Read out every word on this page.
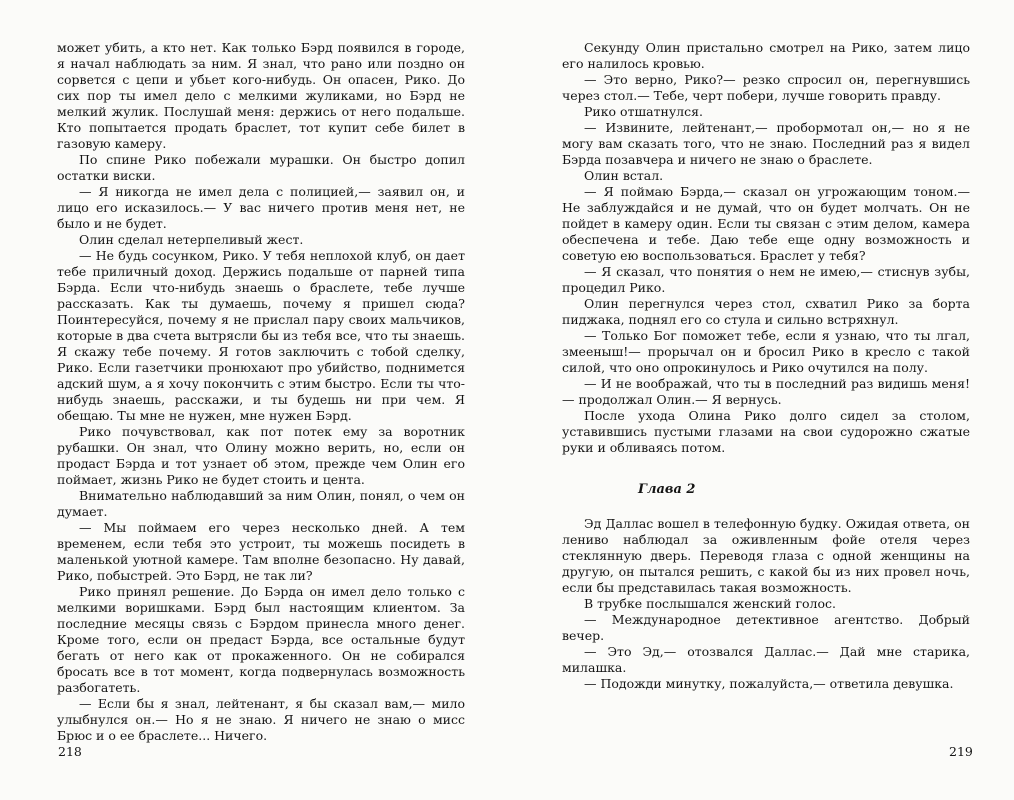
может убить, а кто нет. Как только Бэрд появился в городе, я начал наблюдать за ним. Я знал, что рано или поздно он сорвется с цепи и убьет кого-нибудь. Он опасен, Рико. До сих пор ты имел дело с мелкими жуликами, но Бэрд не мелкий жулик. Послушай меня: держись от него подальше. Кто попытается продать браслет, тот купит себе билет в газовую камеру.

По спине Рико побежали мурашки. Он быстро допил остатки виски.

— Я никогда не имел дела с полицией,— заявил он, и лицо его исказилось.— У вас ничего против меня нет, не было и не будет.

Олин сделал нетерпеливый жест.

— Не будь сосунком, Рико. У тебя неплохой клуб, он дает тебе приличный доход. Держись подальше от парней типа Бэрда. Если что-нибудь знаешь о браслете, тебе лучше рассказать. Как ты думаешь, почему я пришел сюда? Поинтересуйся, почему я не прислал пару своих мальчиков, которые в два счета вытрясли бы из тебя все, что ты знаешь. Я скажу тебе почему. Я готов заключить с тобой сделку, Рико. Если газетчики пронюхают про убийство, поднимется адский шум, а я хочу покончить с этим быстро. Если ты что-нибудь знаешь, расскажи, и ты будешь ни при чем. Я обещаю. Ты мне не нужен, мне нужен Бэрд.

Рико почувствовал, как пот потек ему за воротник рубашки. Он знал, что Олину можно верить, но, если он продаст Бэрда и тот узнает об этом, прежде чем Олин его поймает, жизнь Рико не будет стоить и цента.

Внимательно наблюдавший за ним Олин, понял, о чем он думает.

— Мы поймаем его через несколько дней. А тем временем, если тебя это устроит, ты можешь посидеть в маленькой уютной камере. Там вполне безопасно. Ну давай, Рико, побыстрей. Это Бэрд, не так ли?

Рико принял решение. До Бэрда он имел дело только с мелкими воришками. Бэрд был настоящим клиентом. За последние месяцы связь с Бэрдом принесла много денег. Кроме того, если он предаст Бэрда, все остальные будут бегать от него как от прокаженного. Он не собирался бросать все в тот момент, когда подвернулась возможность разбогатеть.

— Если бы я знал, лейтенант, я бы сказал вам,— мило улыбнулся он.— Но я не знаю. Я ничего не знаю о мисс Брюс и о ее браслете... Ничего.

218

Секунду Олин пристально смотрел на Рико, затем лицо его налилось кровью.

— Это верно, Рико?— резко спросил он, перегнувшись через стол.— Тебе, черт побери, лучше говорить правду.

Рико отшатнулся.

— Извините, лейтенант,— пробормотал он,— но я не могу вам сказать того, что не знаю. Последний раз я видел Бэрда позавчера и ничего не знаю о браслете.

Олин встал.

— Я поймаю Бэрда,— сказал он угрожающим тоном.— Не заблуждайся и не думай, что он будет молчать. Он не пойдет в камеру один. Если ты связан с этим делом, камера обеспечена и тебе. Даю тебе еще одну возможность и советую ею воспользоваться. Браслет у тебя?

— Я сказал, что понятия о нем не имею,— стиснув зубы, процедил Рико.

Олин перегнулся через стол, схватил Рико за борта пиджака, поднял его со стула и сильно встряхнул.

— Только Бог поможет тебе, если я узнаю, что ты лгал, змееныш!— прорычал он и бросил Рико в кресло с такой силой, что оно опрокинулось и Рико очутился на полу.

— И не воображай, что ты в последний раз видишь меня!— продолжал Олин.— Я вернусь.

После ухода Олина Рико долго сидел за столом, уставившись пустыми глазами на свои судорожно сжатые руки и обливаясь потом.

Глава 2

Эд Даллас вошел в телефонную будку. Ожидая ответа, он лениво наблюдал за оживленным фойе отеля через стеклянную дверь. Переводя глаза с одной женщины на другую, он пытался решить, с какой бы из них провел ночь, если бы представилась такая возможность.

В трубке послышался женский голос.

— Международное детективное агентство. Добрый вечер.

— Это Эд,— отозвался Даллас.— Дай мне старика, милашка.

— Подожди минутку, пожалуйста,— ответила девушка.

219
